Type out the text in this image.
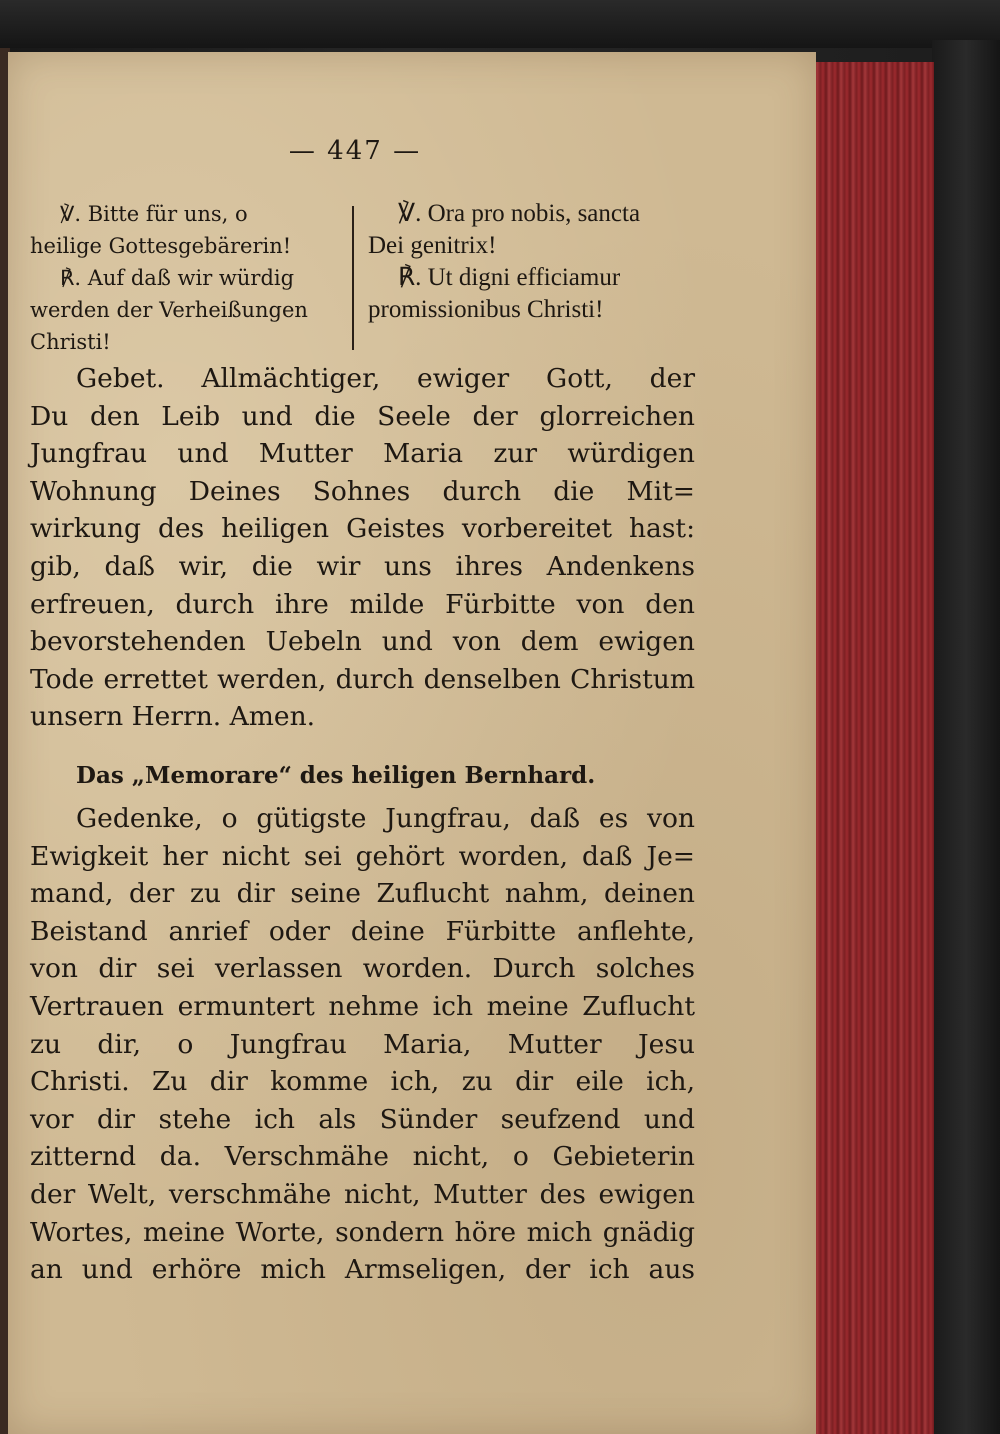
— 447 —
℣. Bitte für uns, o
heilige Gottesgebärerin!
℟. Auf daß wir würdig
werden der Verheißungen
Christi!
℣. Ora pro nobis, sancta
Dei genitrix!
℟. Ut digni efficiamur
promissionibus Christi!
Gebet. Allmächtiger, ewiger Gott, der
Du den Leib und die Seele der glorreichen
Jungfrau und Mutter Maria zur würdigen
Wohnung Deines Sohnes durch die Mit=
wirkung des heiligen Geistes vorbereitet hast:
gib, daß wir, die wir uns ihres Andenkens
erfreuen, durch ihre milde Fürbitte von den
bevorstehenden Uebeln und von dem ewigen
Tode errettet werden, durch denselben Christum
unsern Herrn. Amen.
Das „Memorare“ des heiligen Bernhard.
Gedenke, o gütigste Jungfrau, daß es von
Ewigkeit her nicht sei gehört worden, daß Je=
mand, der zu dir seine Zuflucht nahm, deinen
Beistand anrief oder deine Fürbitte anflehte,
von dir sei verlassen worden. Durch solches
Vertrauen ermuntert nehme ich meine Zuflucht
zu dir, o Jungfrau Maria, Mutter Jesu
Christi. Zu dir komme ich, zu dir eile ich,
vor dir stehe ich als Sünder seufzend und
zitternd da. Verschmähe nicht, o Gebieterin
der Welt, verschmähe nicht, Mutter des ewigen
Wortes, meine Worte, sondern höre mich gnädig
an und erhöre mich Armseligen, der ich aus
